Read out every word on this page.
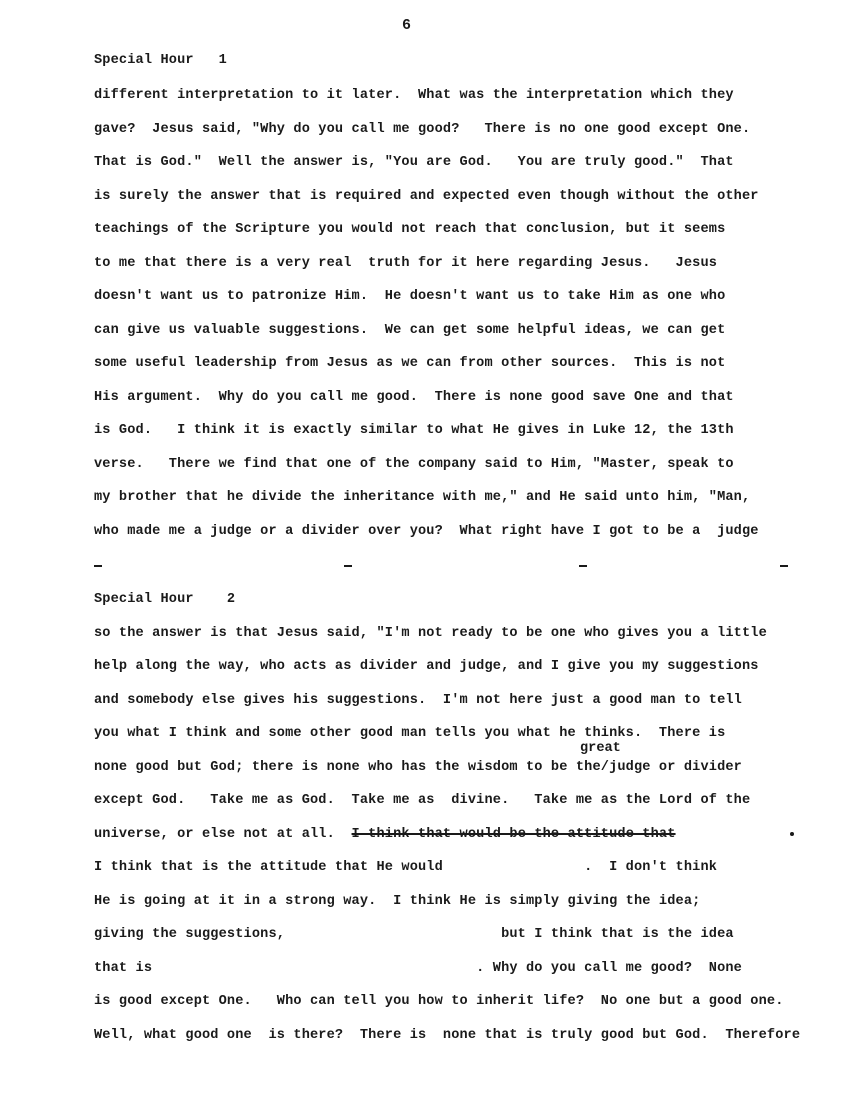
6
Special Hour   1
different interpretation to it later.  What was the interpretation which they
gave?  Jesus said, "Why do you call me good?   There is no one good except One.
That is God."  Well the answer is, "You are God.   You are truly good."  That
is surely the answer that is required and expected even though without the other
teachings of the Scripture you would not reach that conclusion, but it seems
to me that there is a very real  truth for it here regarding Jesus.   Jesus
doesn't want us to patronize Him.  He doesn't want us to take Him as one who
can give us valuable suggestions.  We can get some helpful ideas, we can get
some useful leadership from Jesus as we can from other sources.  This is not
His argument.  Why do you call me good.  There is none good save One and that
is God.   I think it is exactly similar to what He gives in Luke 12, the 13th
verse.   There we find that one of the company said to Him, "Master, speak to
my brother that he divide the inheritance with me," and He said unto him, "Man,
who made me a judge or a divider over you?  What right have I got to be a  judge
Special Hour    2
so the answer is that Jesus said, "I'm not ready to be one who gives you a little
help along the way, who acts as divider and judge, and I give you my suggestions
and somebody else gives his suggestions.  I'm not here just a good man to tell
you what I think and some other good man tells you what he thinks.  There is
great
none good but God; there is none who has the wisdom to be the/judge or divider
except God.   Take me as God.  Take me as  divine.   Take me as the Lord of the
universe, or else not at all.  I think that would be the attitude that
I think that is the attitude that He would                 .  I don't think
He is going at it in a strong way.  I think He is simply giving the idea;
giving the suggestions,                          but I think that is the idea
that is                                       . Why do you call me good?  None
is good except One.   Who can tell you how to inherit life?  No one but a good one.
Well, what good one  is there?  There is  none that is truly good but God.  Therefore
